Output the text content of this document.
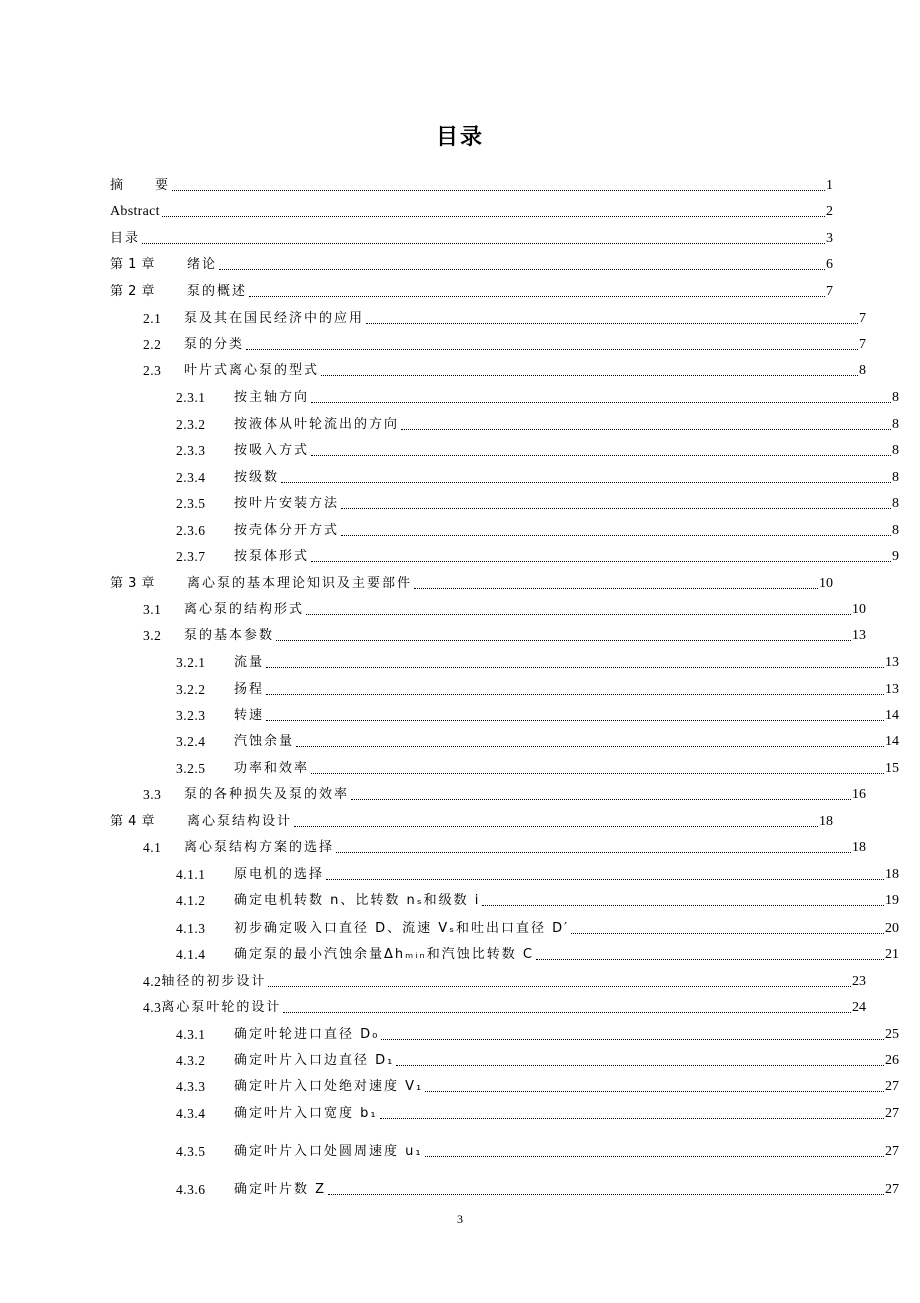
目录
摘　　要	1
Abstract	2
目录	3
第 1 章	绪论	6
第 2 章	泵的概述	7
2.1	泵及其在国民经济中的应用	7
2.2	泵的分类	7
2.3	叶片式离心泵的型式	8
2.3.1	按主轴方向	8
2.3.2	按液体从叶轮流出的方向	8
2.3.3	按吸入方式	8
2.3.4	按级数	8
2.3.5	按叶片安装方法	8
2.3.6	按壳体分开方式	8
2.3.7	按泵体形式	9
第 3 章	离心泵的基本理论知识及主要部件	10
3.1	离心泵的结构形式	10
3.2	泵的基本参数	13
3.2.1	流量	13
3.2.2	扬程	13
3.2.3	转速	14
3.2.4	汽蚀余量	14
3.2.5	功率和效率	15
3.3	泵的各种损失及泵的效率	16
第 4 章	离心泵结构设计	18
4.1	离心泵结构方案的选择	18
4.1.1	原电机的选择	18
4.1.2	确定电机转数 n、比转数 nₛ和级数 i	19
4.1.3	初步确定吸入口直径 D、流速 Vₛ和吐出口直径 D′	20
4.1.4	确定泵的最小汽蚀余量Δhₘᵢₙ和汽蚀比转数 C	21
4.2 轴径的初步设计	23
4.3 离心泵叶轮的设计	24
4.3.1	确定叶轮进口直径 D₀	25
4.3.2	确定叶片入口边直径 D₁	26
4.3.3	确定叶片入口处绝对速度 V₁	27
4.3.4	确定叶片入口宽度 b₁	27
4.3.5	确定叶片入口处圆周速度 u₁	27
4.3.6	确定叶片数 Z	27
3
